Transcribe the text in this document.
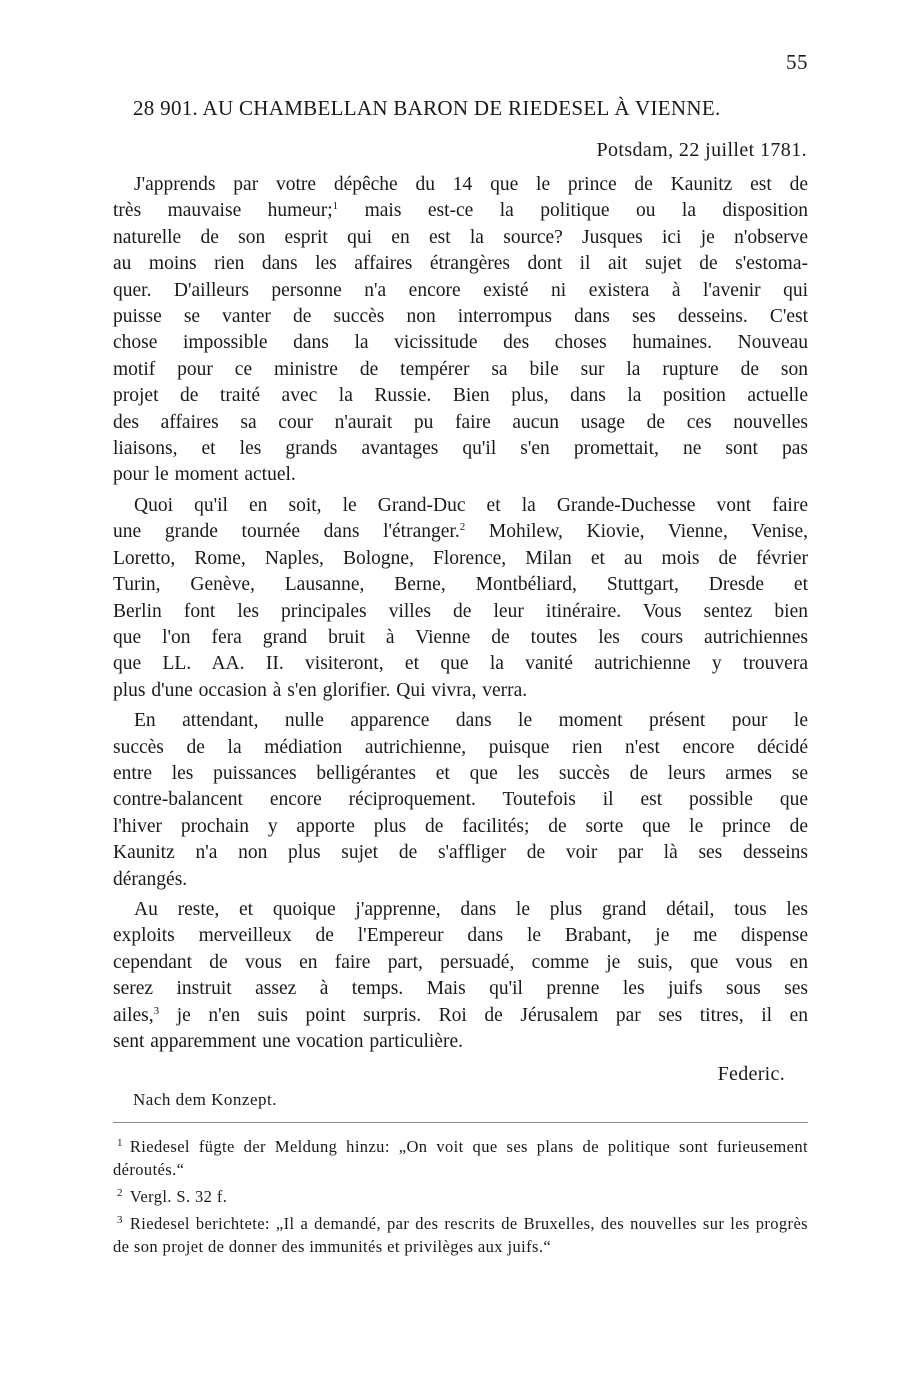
55
28 901. AU CHAMBELLAN BARON DE RIEDESEL À VIENNE.
Potsdam, 22 juillet 1781.

J'apprends par votre dépêche du 14 que le prince de Kaunitz est de
très mauvaise humeur;$^1$ mais est-ce la politique ou la disposition
naturelle de son esprit qui en est la source? Jusques ici je n'observe
au moins rien dans les affaires étrangères dont il ait sujet de s'estoma-
quer. D'ailleurs personne n'a encore existé ni existera à l'avenir qui
puisse se vanter de succès non interrompus dans ses desseins. C'est
chose impossible dans la vicissitude des choses humaines. Nouveau
motif pour ce ministre de tempérer sa bile sur la rupture de son
projet de traité avec la Russie. Bien plus, dans la position actuelle
des affaires sa cour n'aurait pu faire aucun usage de ces nouvelles
liaisons, et les grands avantages qu'il s'en promettait, ne sont pas
pour le moment actuel.

Quoi qu'il en soit, le Grand-Duc et la Grande-Duchesse vont faire
une grande tournée dans l'étranger.$^2$ Mohilew, Kiovie, Vienne, Venise,
Loretto, Rome, Naples, Bologne, Florence, Milan et au mois de février
Turin, Genève, Lausanne, Berne, Montbéliard, Stuttgart, Dresde et
Berlin font les principales villes de leur itinéraire. Vous sentez bien
que l'on fera grand bruit à Vienne de toutes les cours autrichiennes
que LL. AA. II. visiteront, et que la vanité autrichienne y trouvera
plus d'une occasion à s'en glorifier. Qui vivra, verra.

En attendant, nulle apparence dans le moment présent pour le
succès de la médiation autrichienne, puisque rien n'est encore décidé
entre les puissances belligérantes et que les succès de leurs armes se
contre-balancent encore réciproquement. Toutefois il est possible que
l'hiver prochain y apporte plus de facilités; de sorte que le prince de
Kaunitz n'a non plus sujet de s'affliger de voir par là ses desseins
dérangés.

Au reste, et quoique j'apprenne, dans le plus grand détail, tous les
exploits merveilleux de l'Empereur dans le Brabant, je me dispense
cependant de vous en faire part, persuadé, comme je suis, que vous en
serez instruit assez à temps. Mais qu'il prenne les juifs sous ses
ailes,$^3$ je n'en suis point surpris. Roi de Jérusalem par ses titres, il en
sent apparemment une vocation particulière.

Federic.
Nach dem Konzept.

$^1$ Riedesel fügte der Meldung hinzu: „On voit que ses plans de politique sont furieusement déroutés.“

$^2$ Vergl. S. 32 f.

$^3$ Riedesel berichtete: „Il a demandé, par des rescrits de Bruxelles, des nouvelles sur les progrès de son projet de donner des immunités et privilèges aux juifs.“
